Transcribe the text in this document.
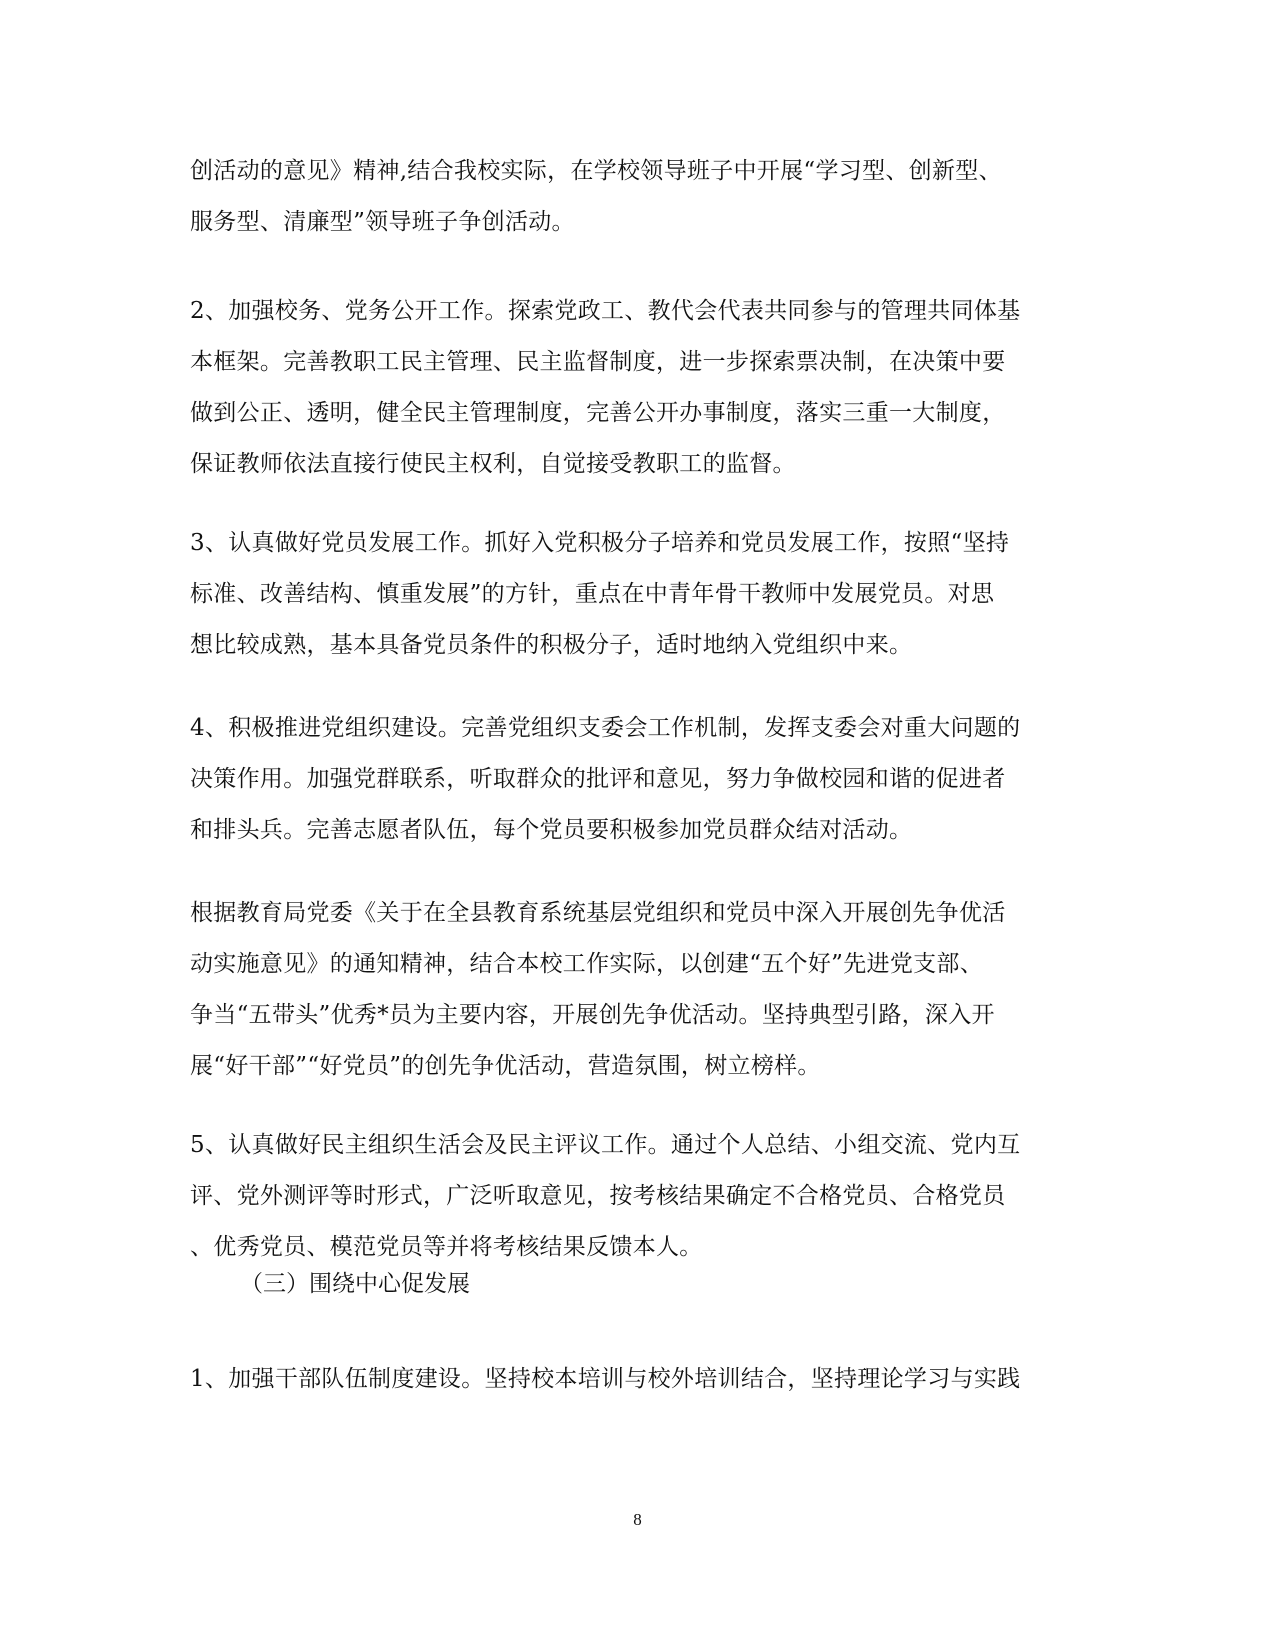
创活动的意见》精神,结合我校实际，在学校领导班子中开展“学习型、创新型、
服务型、清廉型”领导班子争创活动。
2、加强校务、党务公开工作。探索党政工、教代会代表共同参与的管理共同体基
本框架。完善教职工民主管理、民主监督制度，进一步探索票决制，在决策中要
做到公正、透明，健全民主管理制度，完善公开办事制度，落实三重一大制度，
保证教师依法直接行使民主权利，自觉接受教职工的监督。
3、认真做好党员发展工作。抓好入党积极分子培养和党员发展工作，按照“坚持
标准、改善结构、慎重发展”的方针，重点在中青年骨干教师中发展党员。对思
想比较成熟，基本具备党员条件的积极分子，适时地纳入党组织中来。
4、积极推进党组织建设。完善党组织支委会工作机制，发挥支委会对重大问题的
决策作用。加强党群联系，听取群众的批评和意见，努力争做校园和谐的促进者
和排头兵。完善志愿者队伍，每个党员要积极参加党员群众结对活动。
根据教育局党委《关于在全县教育系统基层党组织和党员中深入开展创先争优活
动实施意见》的通知精神，结合本校工作实际，以创建“五个好”先进党支部、
争当“五带头”优秀*员为主要内容，开展创先争优活动。坚持典型引路，深入开
展“好干部”“好党员”的创先争优活动，营造氛围，树立榜样。
5、认真做好民主组织生活会及民主评议工作。通过个人总结、小组交流、党内互
评、党外测评等时形式，广泛听取意见，按考核结果确定不合格党员、合格党员
、优秀党员、模范党员等并将考核结果反馈本人。
（三）围绕中心促发展
1、加强干部队伍制度建设。坚持校本培训与校外培训结合，坚持理论学习与实践
8
